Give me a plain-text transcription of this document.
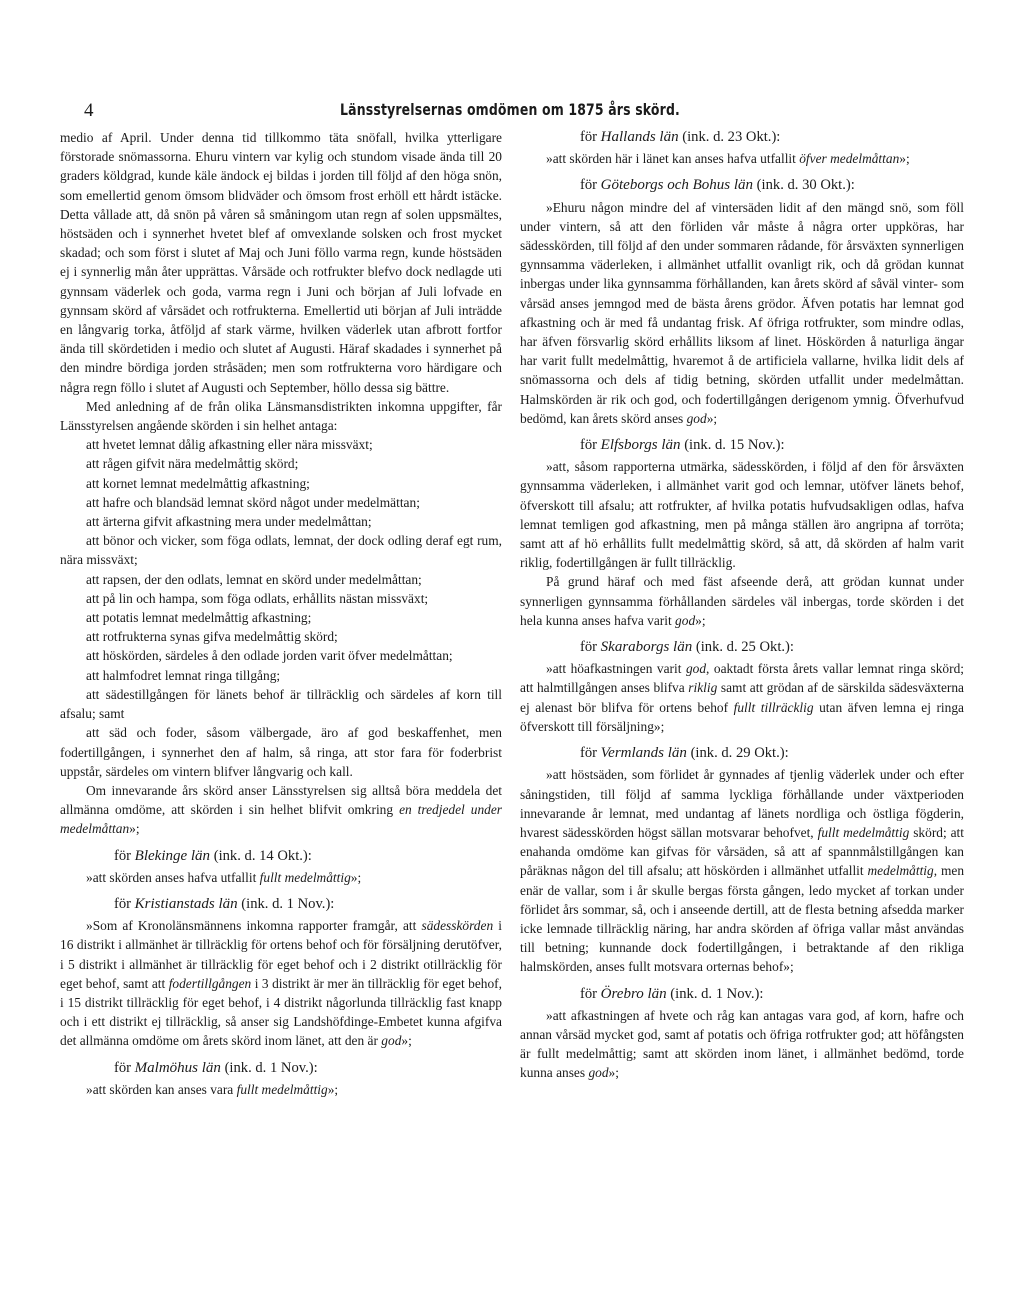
4	Länsstyrelsernas omdömen om 1875 års skörd.

medio af April. Under denna tid tillkommo täta snöfall, hvilka ytterligare förstorade snömassorna. Ehuru vintern var kylig och stundom visade ända till 20 graders köldgrad, kunde käle ändock ej bildas i jorden till följd af den höga snön, som emellertid genom ömsom blidväder och ömsom frost erhöll ett hårdt istäcke. Detta vållade att, då snön på våren så småningom utan regn af solen uppsmältes, höstsäden och i synnerhet hvetet blef af omvexlande solsken och frost mycket skadad; och som först i slutet af Maj och Juni föllo varma regn, kunde höstsäden ej i synnerlig mån åter upprättas. Vårsäde och rotfrukter blefvo dock nedlagde uti gynnsam väderlek och goda, varma regn i Juni och början af Juli lofvade en gynnsam skörd af vårsädet och rotfrukterna. Emellertid uti början af Juli inträdde en långvarig torka, åtföljd af stark värme, hvilken väderlek utan afbrott fortfor ända till skördetiden i medio och slutet af Augusti. Häraf skadades i synnerhet på den mindre bördiga jorden stråsäden; men som rotfrukterna voro härdigare och några regn föllo i slutet af Augusti och September, höllo dessa sig bättre.

Med anledning af de från olika Länsmansdistrikten inkomna uppgifter, får Länsstyrelsen angående skörden i sin helhet antaga:

att hvetet lemnat dålig afkastning eller nära missväxt;

att rågen gifvit nära medelmåttig skörd;

att kornet lemnat medelmåttig afkastning;

att hafre och blandsäd lemnat skörd något under medelmättan;

att ärterna gifvit afkastning mera under medelmåttan;

att bönor och vicker, som föga odlats, lemnat, der dock odling deraf egt rum, nära missväxt;

att rapsen, der den odlats, lemnat en skörd under medelmåttan;

att på lin och hampa, som föga odlats, erhållits nästan missväxt;

att potatis lemnat medelmåttig afkastning;

att rotfrukterna synas gifva medelmåttig skörd;

att höskörden, särdeles å den odlade jorden varit öfver medelmåttan;

att halmfodret lemnat ringa tillgång;

att sädestillgången för länets behof är tillräcklig och särdeles af korn till afsalu; samt

att säd och foder, såsom välbergade, äro af god beskaffenhet, men fodertillgången, i synnerhet den af halm, så ringa, att stor fara för foderbrist uppstår, särdeles om vintern blifver långvarig och kall.

Om innevarande års skörd anser Länsstyrelsen sig alltså böra meddela det allmänna omdöme, att skörden i sin helhet blifvit omkring en tredjedel under medelmåttan»;

för Blekinge län (ink. d. 14 Okt.):

»att skörden anses hafva utfallit fullt medelmåttig»;

för Kristianstads län (ink. d. 1 Nov.):

»Som af Kronolänsmännens inkomna rapporter framgår, att sädesskörden i 16 distrikt i allmänhet är tillräcklig för ortens behof och för försäljning derutöfver, i 5 distrikt i allmänhet är tillräcklig för eget behof och i 2 distrikt otillräcklig för eget behof, samt att fodertillgången i 3 distrikt är mer än tillräcklig för eget behof, i 15 distrikt tillräcklig för eget behof, i 4 distrikt någorlunda tillräcklig fast knapp och i ett distrikt ej tillräcklig, så anser sig Landshöfdinge-Embetet kunna afgifva det allmänna omdöme om årets skörd inom länet, att den är god»;

för Malmöhus län (ink. d. 1 Nov.):

»att skörden kan anses vara fullt medelmåttig»;

för Hallands län (ink. d. 23 Okt.):

»att skörden här i länet kan anses hafva utfallit öfver medelmåttan»;

för Göteborgs och Bohus län (ink. d. 30 Okt.):

»Ehuru någon mindre del af vintersäden lidit af den mängd snö, som föll under vintern, så att den förliden vår måste å några orter uppköras, har sädesskörden, till följd af den under sommaren rådande, för årsväxten synnerligen gynnsamma väderleken, i allmänhet utfallit ovanligt rik, och då grödan kunnat inbergas under lika gynnsamma förhållanden, kan årets skörd af såväl vinter- som vårsäd anses jemngod med de bästa årens grödor. Äfven potatis har lemnat god afkastning och är med få undantag frisk. Af öfriga rotfrukter, som mindre odlas, har äfven försvarlig skörd erhållits liksom af linet. Höskörden å naturliga ängar har varit fullt medelmåttig, hvaremot å de artificiela vallarne, hvilka lidit dels af snömassorna och dels af tidig betning, skörden utfallit under medelmåttan. Halmskörden är rik och god, och fodertillgången derigenom ymnig. Öfverhufvud bedömd, kan årets skörd anses god»;

för Elfsborgs län (ink. d. 15 Nov.):

»att, såsom rapporterna utmärka, sädesskörden, i följd af den för årsväxten gynnsamma väderleken, i allmänhet varit god och lemnar, utöfver länets behof, öfverskott till afsalu; att rotfrukter, af hvilka potatis hufvudsakligen odlas, hafva lemnat temligen god afkastning, men på många ställen äro angripna af torröta; samt att af hö erhållits fullt medelmåttig skörd, så att, då skörden af halm varit riklig, fodertillgången är fullt tillräcklig.

På grund häraf och med fäst afseende derå, att grödan kunnat under synnerligen gynnsamma förhållanden särdeles väl inbergas, torde skörden i det hela kunna anses hafva varit god»;

för Skaraborgs län (ink. d. 25 Okt.):

»att höafkastningen varit god, oaktadt första årets vallar lemnat ringa skörd; att halmtillgången anses blifva riklig samt att grödan af de särskilda sädesväxterna ej alenast bör blifva för ortens behof fullt tillräcklig utan äfven lemna ej ringa öfverskott till försäljning»;

för Vermlands län (ink. d. 29 Okt.):

»att höstsäden, som förlidet år gynnades af tjenlig väderlek under och efter såningstiden, till följd af samma lyckliga förhållande under växtperioden innevarande år lemnat, med undantag af länets nordliga och östliga fögderin, hvarest sädesskörden högst sällan motsvarar behofvet, fullt medelmåttig skörd; att enahanda omdöme kan gifvas för vårsäden, så att af spannmålstillgången kan påräknas någon del till afsalu; att höskörden i allmänhet utfallit medelmåttig, men enär de vallar, som i år skulle bergas första gången, ledo mycket af torkan under förlidet års sommar, så, och i anseende dertill, att de flesta betning afsedda marker icke lemnade tillräcklig näring, har andra skörden af öfriga vallar måst användas till betning; kunnande dock fodertillgången, i betraktande af den rikliga halmskörden, anses fullt motsvara orternas behof»;

för Örebro län (ink. d. 1 Nov.):

»att afkastningen af hvete och råg kan antagas vara god, af korn, hafre och annan vårsäd mycket god, samt af potatis och öfriga rotfrukter god; att höfångsten är fullt medelmåttig; samt att skörden inom länet, i allmänhet bedömd, torde kunna anses god»;
